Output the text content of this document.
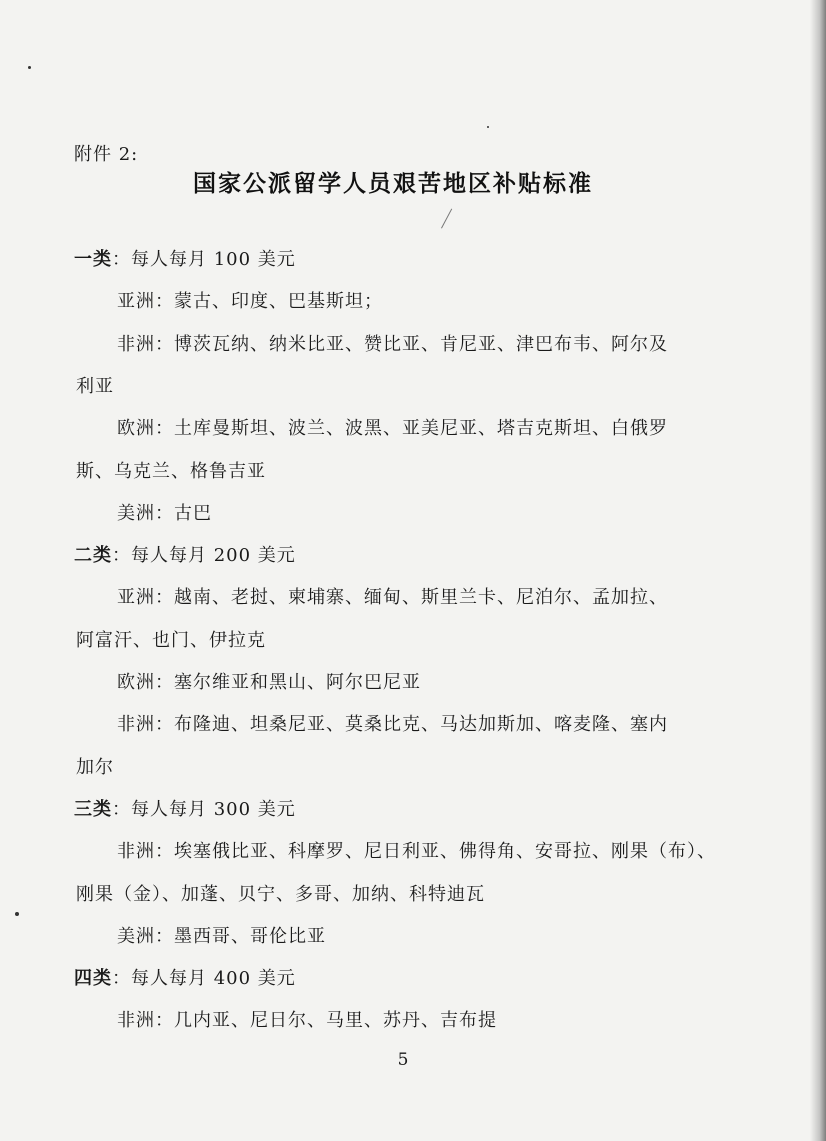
附件 2:
国家公派留学人员艰苦地区补贴标准
一类：每人每月 100 美元
亚洲：蒙古、印度、巴基斯坦；
非洲：博茨瓦纳、纳米比亚、赞比亚、肯尼亚、津巴布韦、阿尔及
利亚
欧洲：土库曼斯坦、波兰、波黑、亚美尼亚、塔吉克斯坦、白俄罗
斯、乌克兰、格鲁吉亚
美洲：古巴
二类：每人每月 200 美元
亚洲：越南、老挝、柬埔寨、缅甸、斯里兰卡、尼泊尔、孟加拉、
阿富汗、也门、伊拉克
欧洲：塞尔维亚和黑山、阿尔巴尼亚
非洲：布隆迪、坦桑尼亚、莫桑比克、马达加斯加、喀麦隆、塞内
加尔
三类：每人每月 300 美元
非洲：埃塞俄比亚、科摩罗、尼日利亚、佛得角、安哥拉、刚果（布）、
刚果（金）、加蓬、贝宁、多哥、加纳、科特迪瓦
美洲：墨西哥、哥伦比亚
四类：每人每月 400 美元
非洲：几内亚、尼日尔、马里、苏丹、吉布提
5
